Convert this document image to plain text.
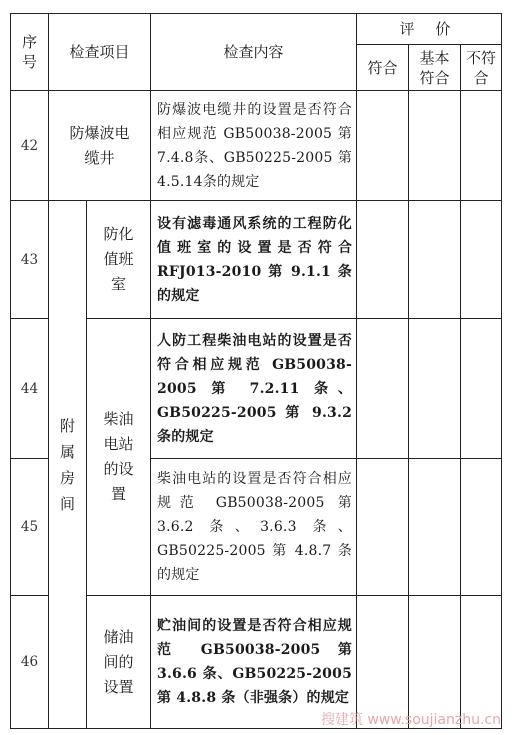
序号	检查项目		检查内容	评 价		
				符合	基本符合	不符合
42	防爆波电缆井		防爆波电缆井的设置是否符合相应规范 GB50038-2005 第7.4.8条、GB50225-2005 第4.5.14条的规定			
43	附属房间	防化值班室	设有滤毒通风系统的工程防化值班室的设置是否符合 RFJ013-2010 第 9.1.1 条的规定			
44		柴油电站的设置	人防工程柴油电站的设置是否符合相应规范 GB50038-2005 第 7.2.11 条、 GB50225-2005 第 9.3.2 条的规定			
45			柴油电站的设置是否符合相应规范 GB50038-2005 第 3.6.2 条、3.6.3 条、GB50225-2005 第 4.8.7 条的规定			
46		储油间的设置	贮油间的设置是否符合相应规范 GB50038-2005 第 3.6.6 条、GB50225-2005 第 4.8.8 条（非强条）的规定			
搜建筑 www.soujianzhu.cn
